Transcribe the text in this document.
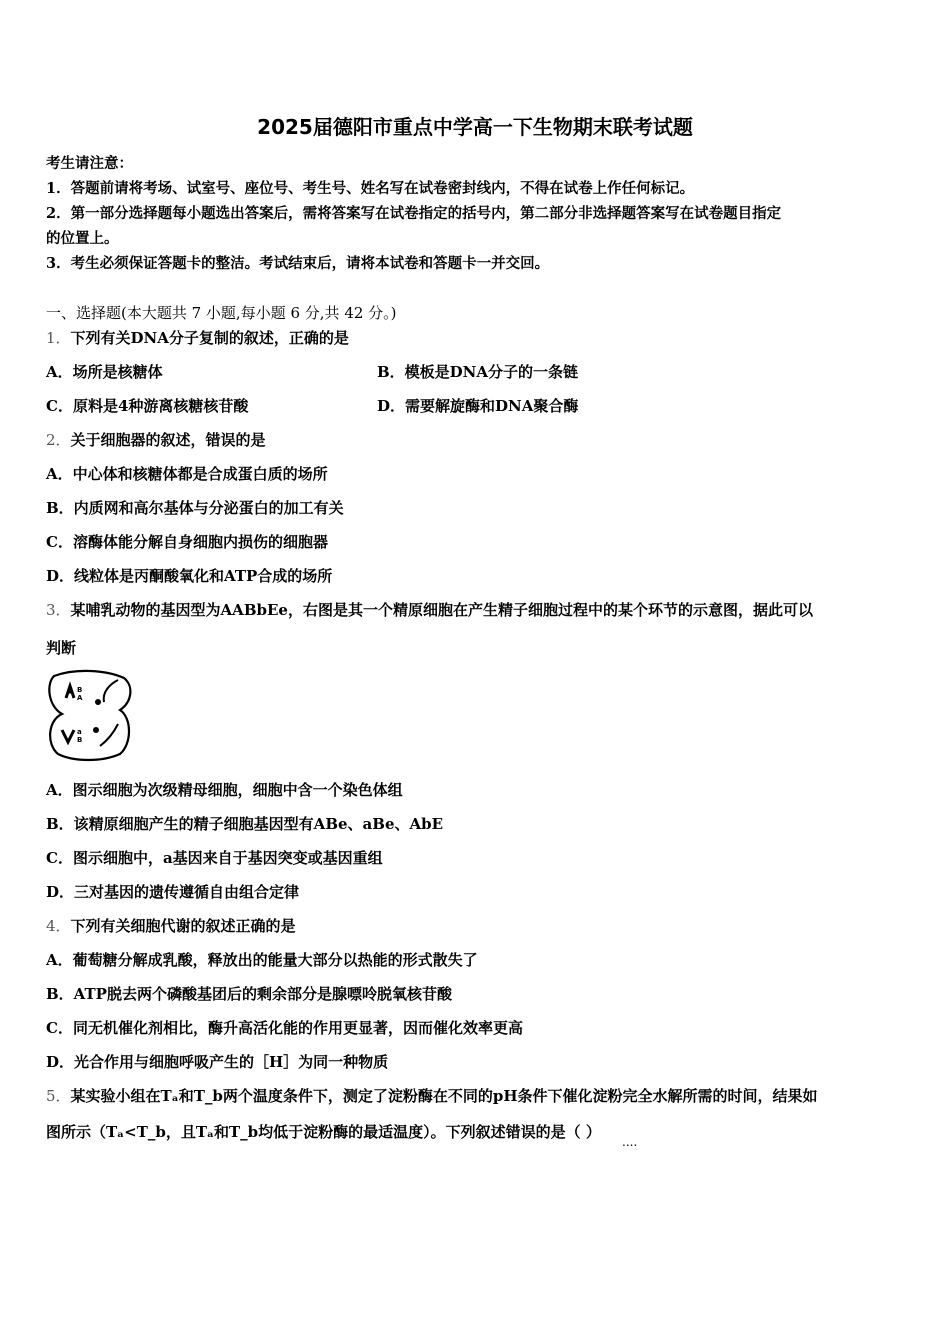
2025届德阳市重点中学高一下生物期末联考试题
考生请注意：
1．答题前请将考场、试室号、座位号、考生号、姓名写在试卷密封线内，不得在试卷上作任何标记。
2．第一部分选择题每小题选出答案后，需将答案写在试卷指定的括号内，第二部分非选择题答案写在试卷题目指定
的位置上。
3．考生必须保证答题卡的整洁。考试结束后，请将本试卷和答题卡一并交回。
一、选择题(本大题共 7 小题,每小题 6 分,共 42 分。)
1．下列有关DNA分子复制的叙述，正确的是
A．场所是核糖体	B．模板是DNA分子的一条链
C．原料是4种游离核糖核苷酸	D．需要解旋酶和DNA聚合酶
2．关于细胞器的叙述，错误的是
A．中心体和核糖体都是合成蛋白质的场所
B．内质网和高尔基体与分泌蛋白的加工有关
C．溶酶体能分解自身细胞内损伤的细胞器
D．线粒体是丙酮酸氧化和ATP合成的场所
3．某哺乳动物的基因型为AABbEe，右图是其一个精原细胞在产生精子细胞过程中的某个环节的示意图，据此可以
判断
B
A
a
B
A．图示细胞为次级精母细胞，细胞中含一个染色体组
B．该精原细胞产生的精子细胞基因型有ABe、aBe、AbE
C．图示细胞中，a基因来自于基因突变或基因重组
D．三对基因的遗传遵循自由组合定律
4．下列有关细胞代谢的叙述正确的是
A．葡萄糖分解成乳酸，释放出的能量大部分以热能的形式散失了
B．ATP脱去两个磷酸基团后的剩余部分是腺嘌呤脱氧核苷酸
C．同无机催化剂相比，酶升高活化能的作用更显著，因而催化效率更高
D．光合作用与细胞呼吸产生的［H］为同一种物质
5．某实验小组在Tₐ和T_b两个温度条件下，测定了淀粉酶在不同的pH条件下催化淀粉完全水解所需的时间，结果如
图所示（Tₐ<T_b，且Tₐ和T_b均低于淀粉酶的最适温度）。下列叙述错误的是（ ）
....
